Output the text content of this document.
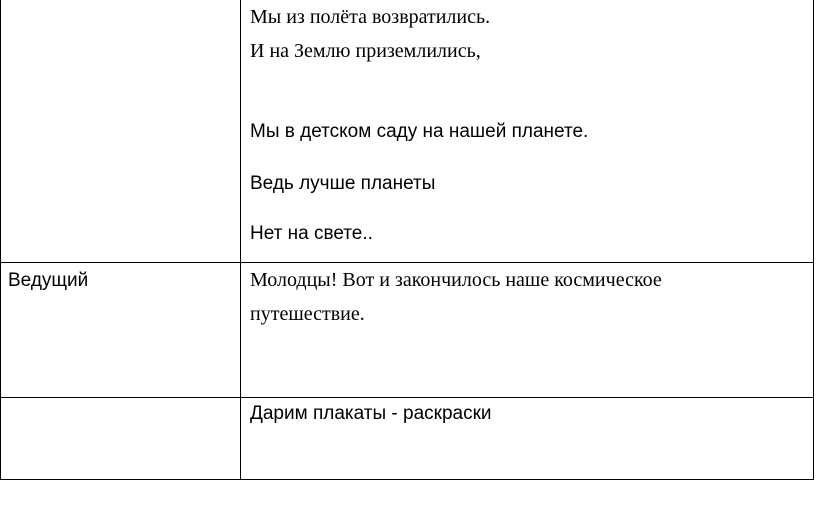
Мы из полёта возвратились.
И на Землю приземлились,
Мы в детском саду на нашей планете.
Ведь лучше планеты
Нет на свете..
Ведущий	Молодцы! Вот и закончилось наше космическое
путешествие.
Дарим плакаты - раскраски
